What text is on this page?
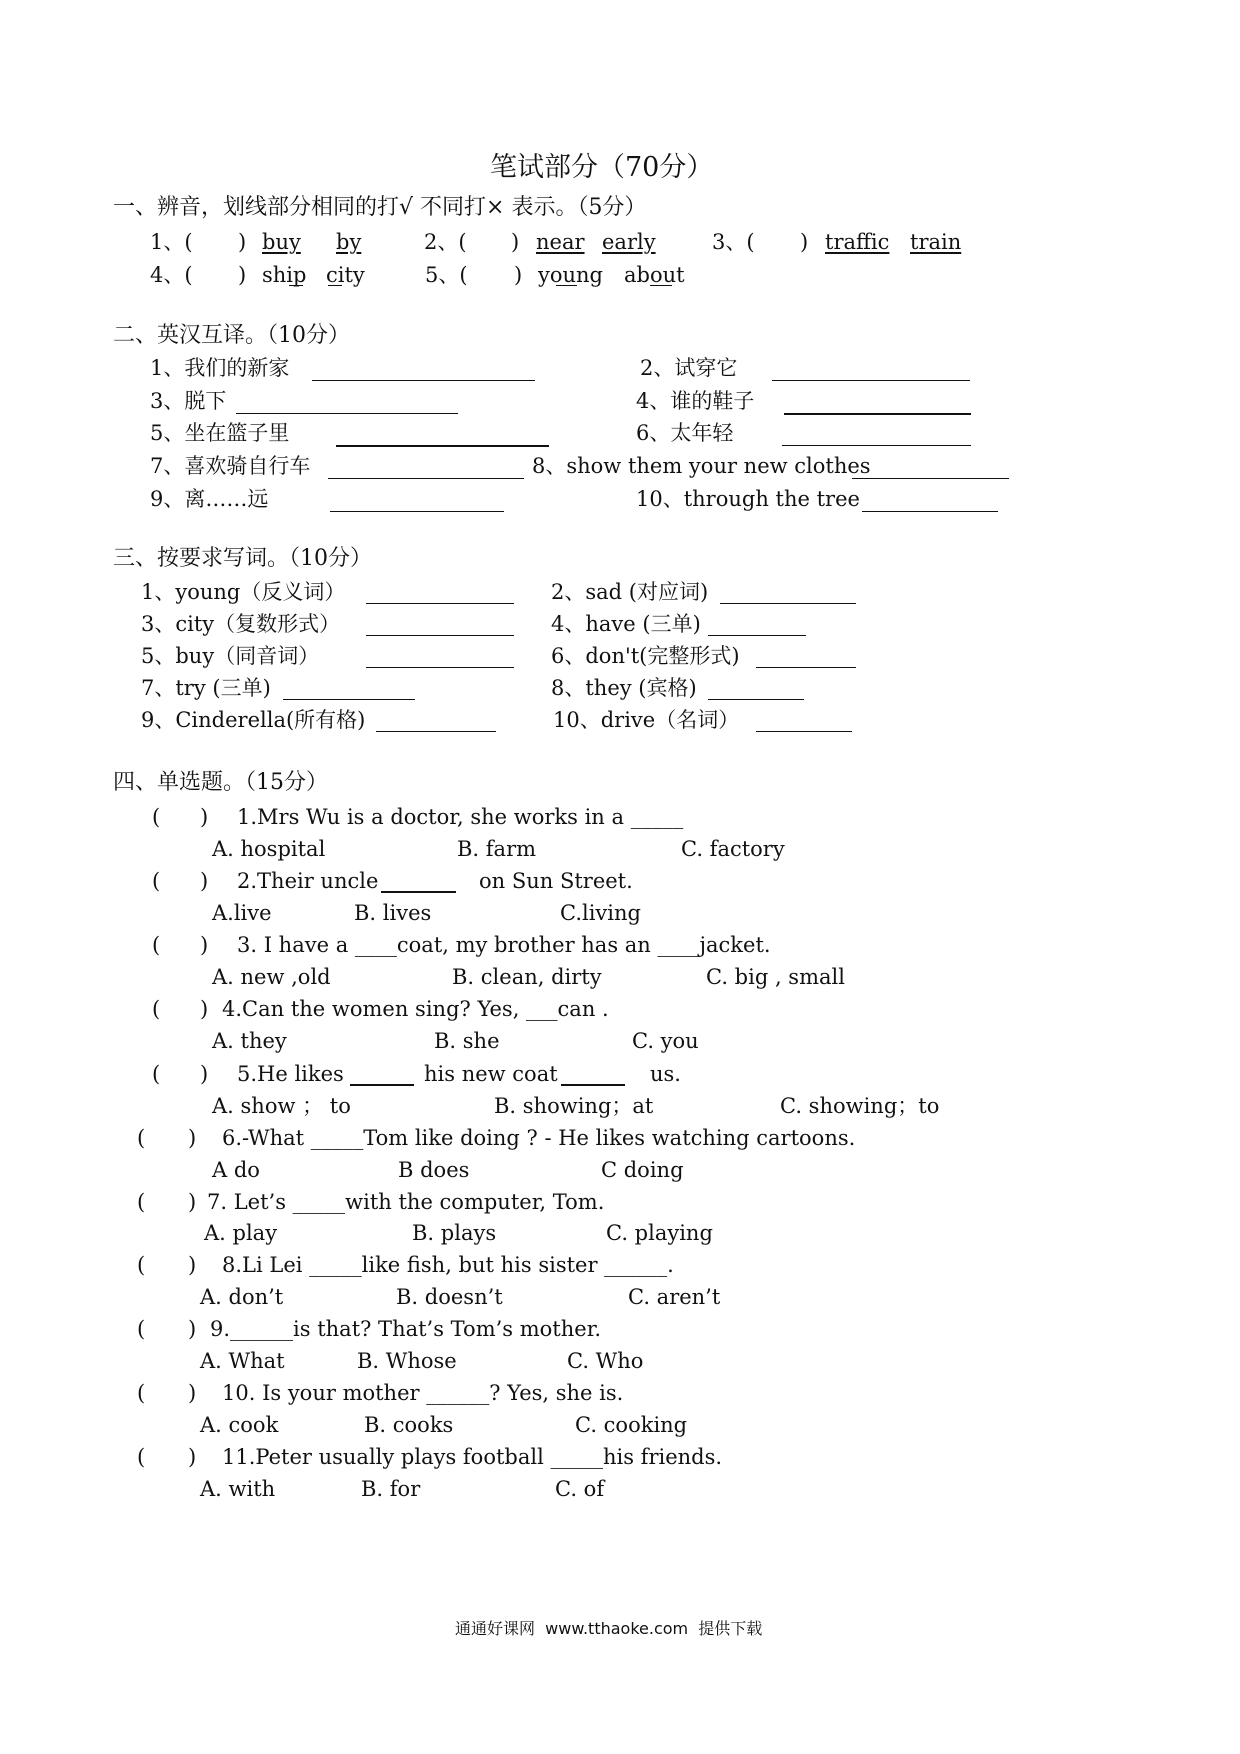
笔试部分（70分）
一、辨音，划线部分相同的打√ 不同打× 表示。（5分）
1、( ) buy by	2、( ) near early	3、( ) traffic train
4、( ) ship city	5、( ) young about
二、英汉互译。（10分）
1、我们的新家	2、试穿它
3、脱下	4、谁的鞋子
5、坐在篮子里	6、太年轻
7、喜欢骑自行车	8、show them your new clothes
9、离……远	10、through the tree
三、按要求写词。（10分）
1、young（反义词）	2、sad (对应词)
3、city（复数形式）	4、have (三单)
5、buy（同音词）	6、don't(完整形式)
7、try (三单)	8、they (宾格)
9、Cinderella(所有格)	10、drive（名词）
四、单选题。（15分）
( ) 1.Mrs Wu is a doctor, she works in a _____
A. hospital	B. farm	C. factory
( ) 2.Their uncle	on Sun Street.
A.live	B. lives	C.living
( ) 3. I have a ____coat, my brother has an ____jacket.
A. new ,old	B. clean, dirty	C. big , small
( ) 4.Can the women sing? Yes, ___can .
A. they	B. she	C. you
( ) 5.He likes	his new coat	us.
A. show ； to	B. showing；at	C. showing；to
( ) 6.-What _____Tom like doing ? - He likes watching cartoons.
A do	B does	C doing
( ) 7. Let’s _____with the computer, Tom.
A. play	B. plays	C. playing
( ) 8.Li Lei _____like fish, but his sister ______.
A. don’t	B. doesn’t	C. aren’t
( ) 9.______is that? That’s Tom’s mother.
A. What	B. Whose	C. Who
( ) 10. Is your mother ______? Yes, she is.
A. cook	B. cooks	C. cooking
( ) 11.Peter usually plays football _____his friends.
A. with	B. for	C. of
通通好课网  www.tthaoke.com  提供下载
